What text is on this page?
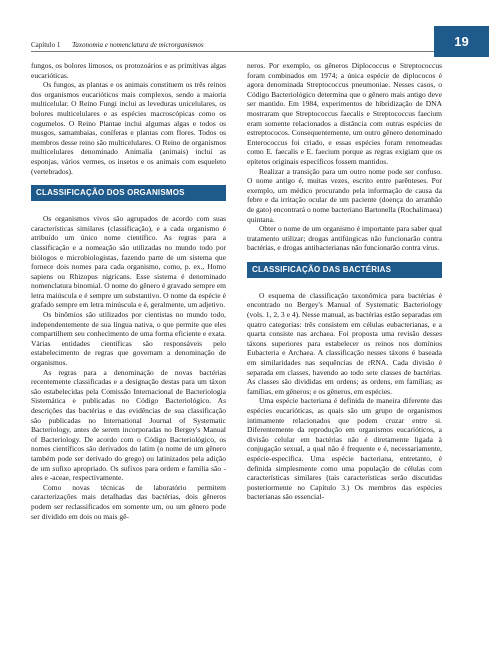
Capítulo 1 Taxonomia e nomenclatura de microrganismos	19

fungos, os bolores limosos, os protozoários e as primitivas algas eucarióticas.

Os fungos, as plantas e os animais constituem os três reinos dos organismos eucarióticos mais complexos, sendo a maioria multicelular. O Reino Fungi inclui as leveduras unicelulares, os bolores multicelulares e as espécies macroscópicas como os cogumelos. O Reino Plantae inclui algumas algas e todos os musgos, samambaias, coníferas e plantas com flores. Todos os membros desse reino são multicelulares. O Reino de organismos multicelulares denominado Animalia (animais) inclui as esponjas, vários vermes, os insetos e os animais com esqueleto (vertebrados).

CLASSIFICAÇÃO DOS ORGANISMOS

Os organismos vivos são agrupados de acordo com suas características similares (classificação), e a cada organismo é atribuído um único nome científico. As regras para a classificação e a nomeação são utilizadas no mundo todo por biólogos e microbiologistas, fazendo parte de um sistema que fornece dois nomes para cada organismo, como, p. ex., Homo sapiens ou Rhizopus nigricans. Esse sistema é denominado nomenclatura binomial. O nome do gênero é gravado sempre em letra maiúscula e é sempre um substantivo. O nome da espécie é grafado sempre em letra minúscula e é, geralmente, um adjetivo.

Os binômios são utilizados por cientistas no mundo todo, independentemente de sua língua nativa, o que permite que eles compartilhem seu conhecimento de uma forma eficiente e exata. Várias entidades científicas são responsáveis pelo estabelecimento de regras que governam a denominação de organismos.

As regras para a denominação de novas bactérias recentemente classificadas e a designação destas para um táxon são estabelecidas pela Comissão Internacional de Bacteriologia Sistemática e publicadas no Código Bacteriológico. As descrições das bactérias e das evidências de sua classificação são publicadas no International Journal of Systematic Bacteriology, antes de serem incorporadas no Bergey's Manual of Bacteriology. De acordo com o Código Bacteriológico, os nomes científicos são derivados do latim (o nome de um gênero também pode ser derivado do grego) ou latinizados pela adição de um sufixo apropriado. Os sufixos para ordem e família são -ales e -aceae, respectivamente.

Como novas técnicas de laboratório permitem caracterizações mais detalhadas das bactérias, dois gêneros podem ser reclassificados em somente um, ou um gênero pode ser dividido em dois ou mais gê-

neros. Por exemplo, os gêneros Diplococcus e Streptococcus foram combinados em 1974; a única espécie de diplococos é agora denominada Streptococcus pneumoniae. Nesses casos, o Código Bacteriológico determina que o gênero mais antigo deve ser mantido. Em 1984, experimentos de hibridização de DNA mostraram que Streptococcus faecalis e Streptococcus faecium eram somente relacionados a distância com outras espécies de estreptococos. Consequentemente, um outro gênero denominado Enterococcus foi criado, e essas espécies foram renomeadas como E. faecalis e E. faecium porque as regras exigiam que os epítetos originais específicos fossem mantidos.

Realizar a transição para um outro nome pode ser confuso. O nome antigo é, muitas vezes, escrito entre parênteses. Por exemplo, um médico procurando pela informação de causa da febre e da irritação ocular de um paciente (doença do arranhão de gato) encontrará o nome bacteriano Bartonella (Rochalimaea) quintana.

Obter o nome de um organismo é importante para saber qual tratamento utilizar; drogas antifúngicas não funcionarão contra bactérias, e drogas antibacterianas não funcionarão contra vírus.

CLASSIFICAÇÃO DAS BACTÉRIAS

O esquema de classificação taxonômica para bactérias é encontrado no Bergey's Manual of Systematic Bacteriology (vols. 1, 2, 3 e 4). Nesse manual, as bactérias estão separadas em quatro categorias: três consistem em células eubacterianas, e a quarta consiste nas archaea. Foi proposta uma revisão desses táxons superiores para estabelecer os reinos nos domínios Eubacteria e Archaea. A classificação nesses táxons é baseada em similaridades nas sequências de rRNA. Cada divisão é separada em classes, havendo ao todo sete classes de bactérias. As classes são divididas em ordens; as ordens, em famílias; as famílias, em gêneros; e os gêneros, em espécies.

Uma espécie bacteriana é definida de maneira diferente das espécies eucarióticas, as quais são um grupo de organismos intimamente relacionados que podem cruzar entre si. Diferentemente da reprodução em organismos eucarióticos, a divisão celular em bactérias não é diretamente ligada à conjugação sexual, a qual não é frequente e é, necessariamente, espécie-específica. Uma espécie bacteriana, entretanto, é definida simplesmente como uma população de células com características similares (tais características serão discutidas posteriormente no Capítulo 3.) Os membros das espécies bacterianas são essencial-
